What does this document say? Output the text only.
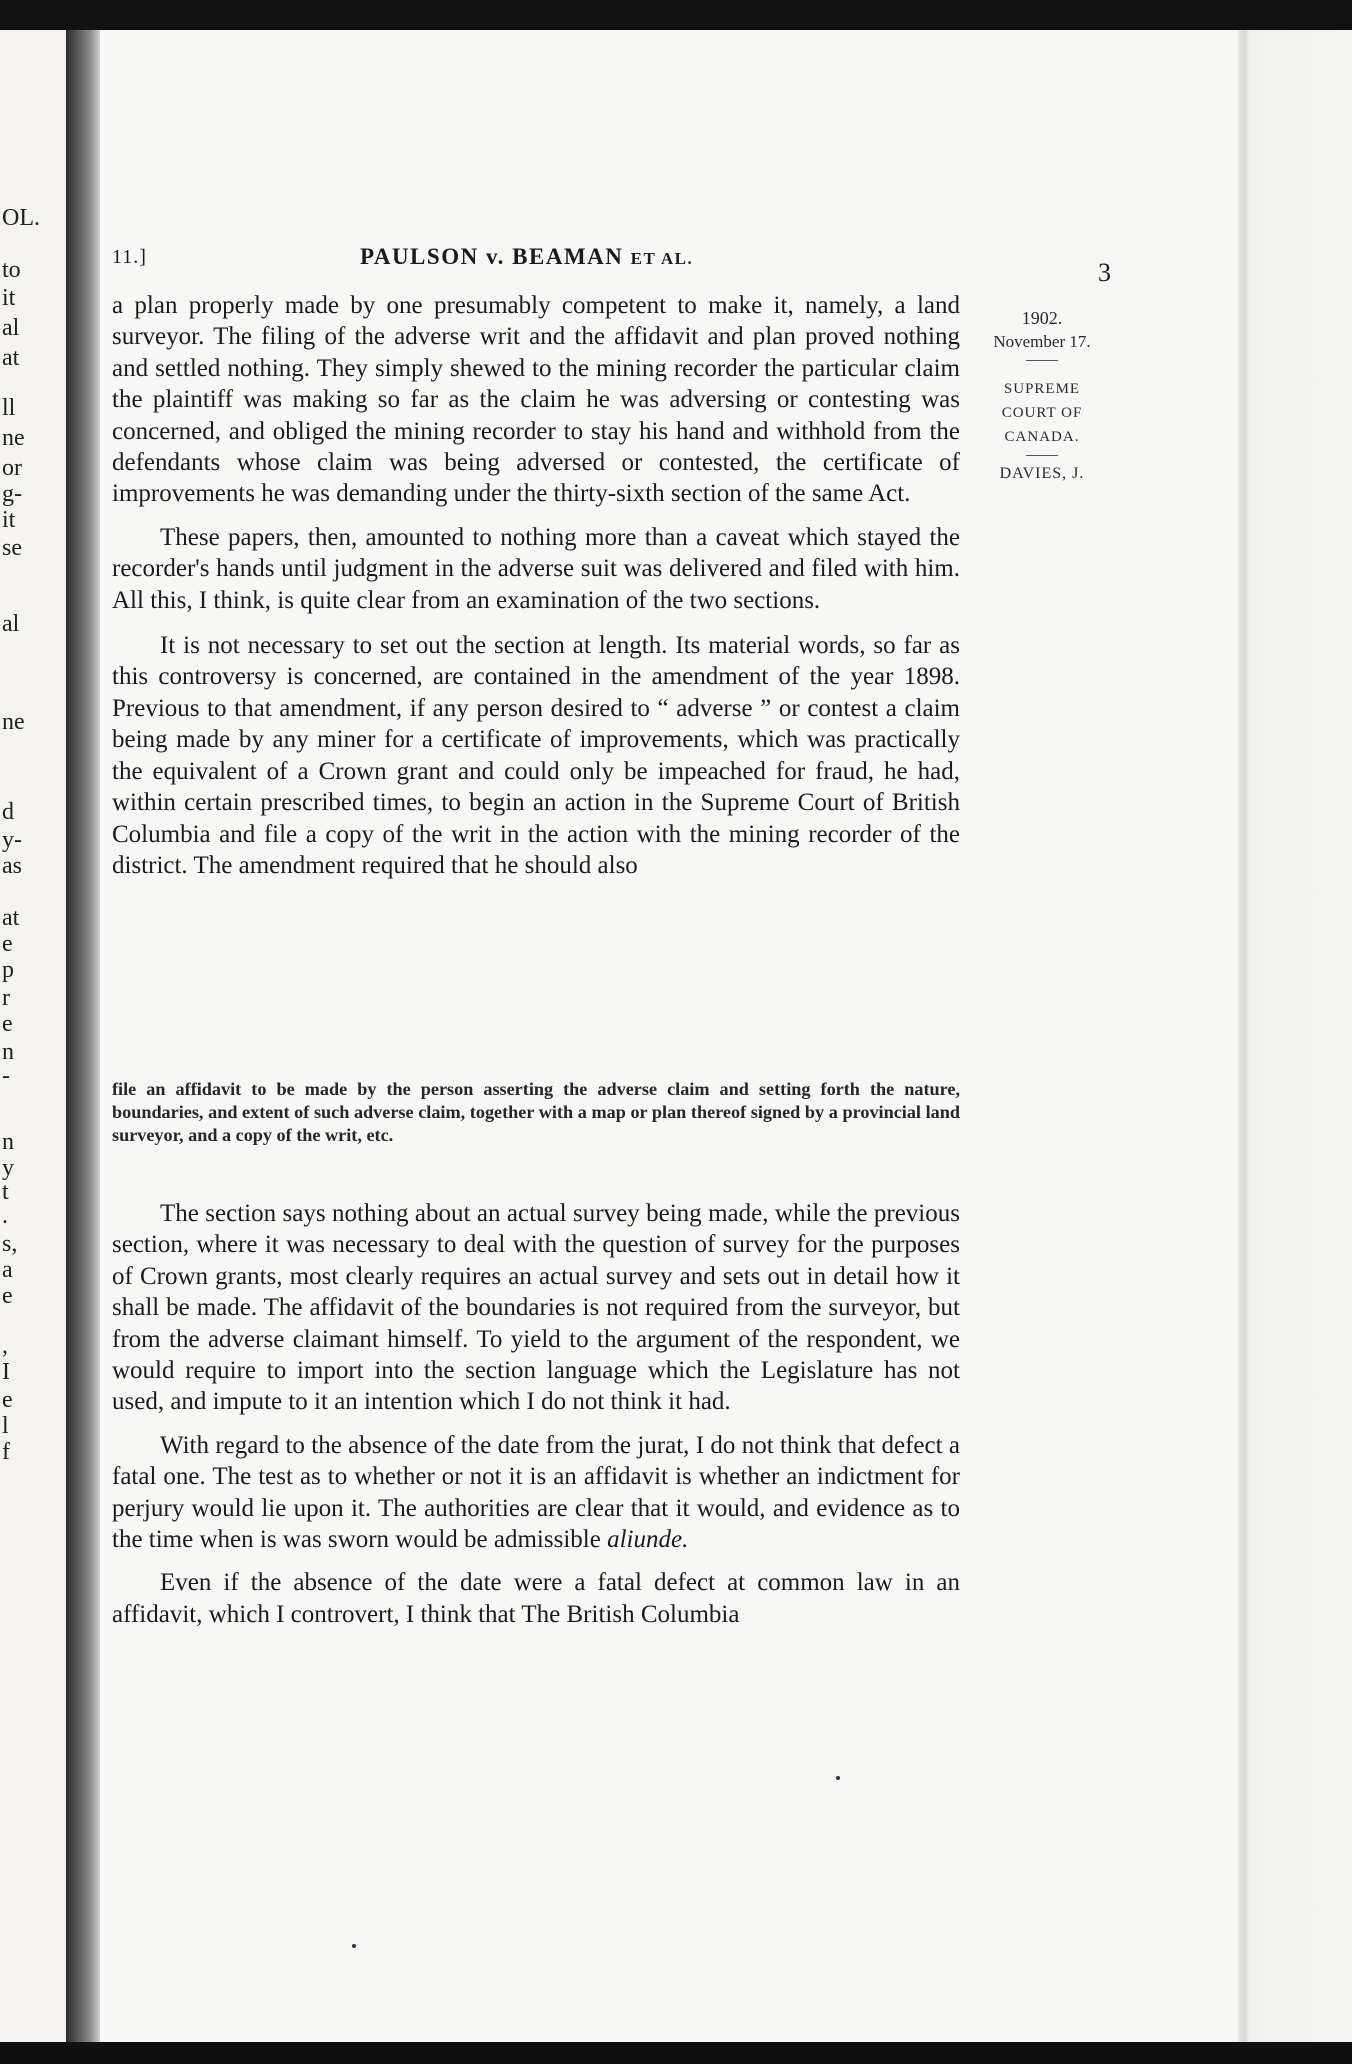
OL.
to
it
al
at
ll
ne
or
g-
it
se
al
ne
d
y-
as
at
e
p
r
e
n
-
n
y
t
.
s,
a
e
,
I
e
l
f
11.]	PAULSON v. BEAMAN ET AL.	3

a plan properly made by one presumably competent to make it, namely, a land surveyor. The filing of the adverse writ and the affidavit and plan proved nothing and settled nothing. They simply shewed to the mining recorder the particular claim the plaintiff was making so far as the claim he was adversing or contesting was concerned, and obliged the mining recorder to stay his hand and withhold from the defendants whose claim was being adversed or contested, the certificate of improvements he was demanding under the thirty-sixth section of the same Act.

These papers, then, amounted to nothing more than a caveat which stayed the recorder's hands until judgment in the adverse suit was delivered and filed with him. All this, I think, is quite clear from an examination of the two sections.

It is not necessary to set out the section at length. Its material words, so far as this controversy is concerned, are contained in the amendment of the year 1898. Previous to that amendment, if any person desired to “ adverse ” or contest a claim being made by any miner for a certificate of improvements, which was practically the equivalent of a Crown grant and could only be impeached for fraud, he had, within certain prescribed times, to begin an action in the Supreme Court of British Columbia and file a copy of the writ in the action with the mining recorder of the district. The amendment required that he should also

file an affidavit to be made by the person asserting the adverse claim and setting forth the nature, boundaries, and extent of such adverse claim, together with a map or plan thereof signed by a provincial land surveyor, and a copy of the writ, etc.

The section says nothing about an actual survey being made, while the previous section, where it was necessary to deal with the question of survey for the purposes of Crown grants, most clearly requires an actual survey and sets out in detail how it shall be made. The affidavit of the boundaries is not required from the surveyor, but from the adverse claimant himself. To yield to the argument of the respondent, we would require to import into the section language which the Legislature has not used, and impute to it an intention which I do not think it had.

With regard to the absence of the date from the jurat, I do not think that defect a fatal one. The test as to whether or not it is an affidavit is whether an indictment for perjury would lie upon it. The authorities are clear that it would, and evidence as to the time when is was sworn would be admissible aliunde.

Even if the absence of the date were a fatal defect at common law in an affidavit, which I controvert, I think that The British Columbia

1902.
November 17.
SUPREME
COURT OF
CANADA.
DAVIES, J.
